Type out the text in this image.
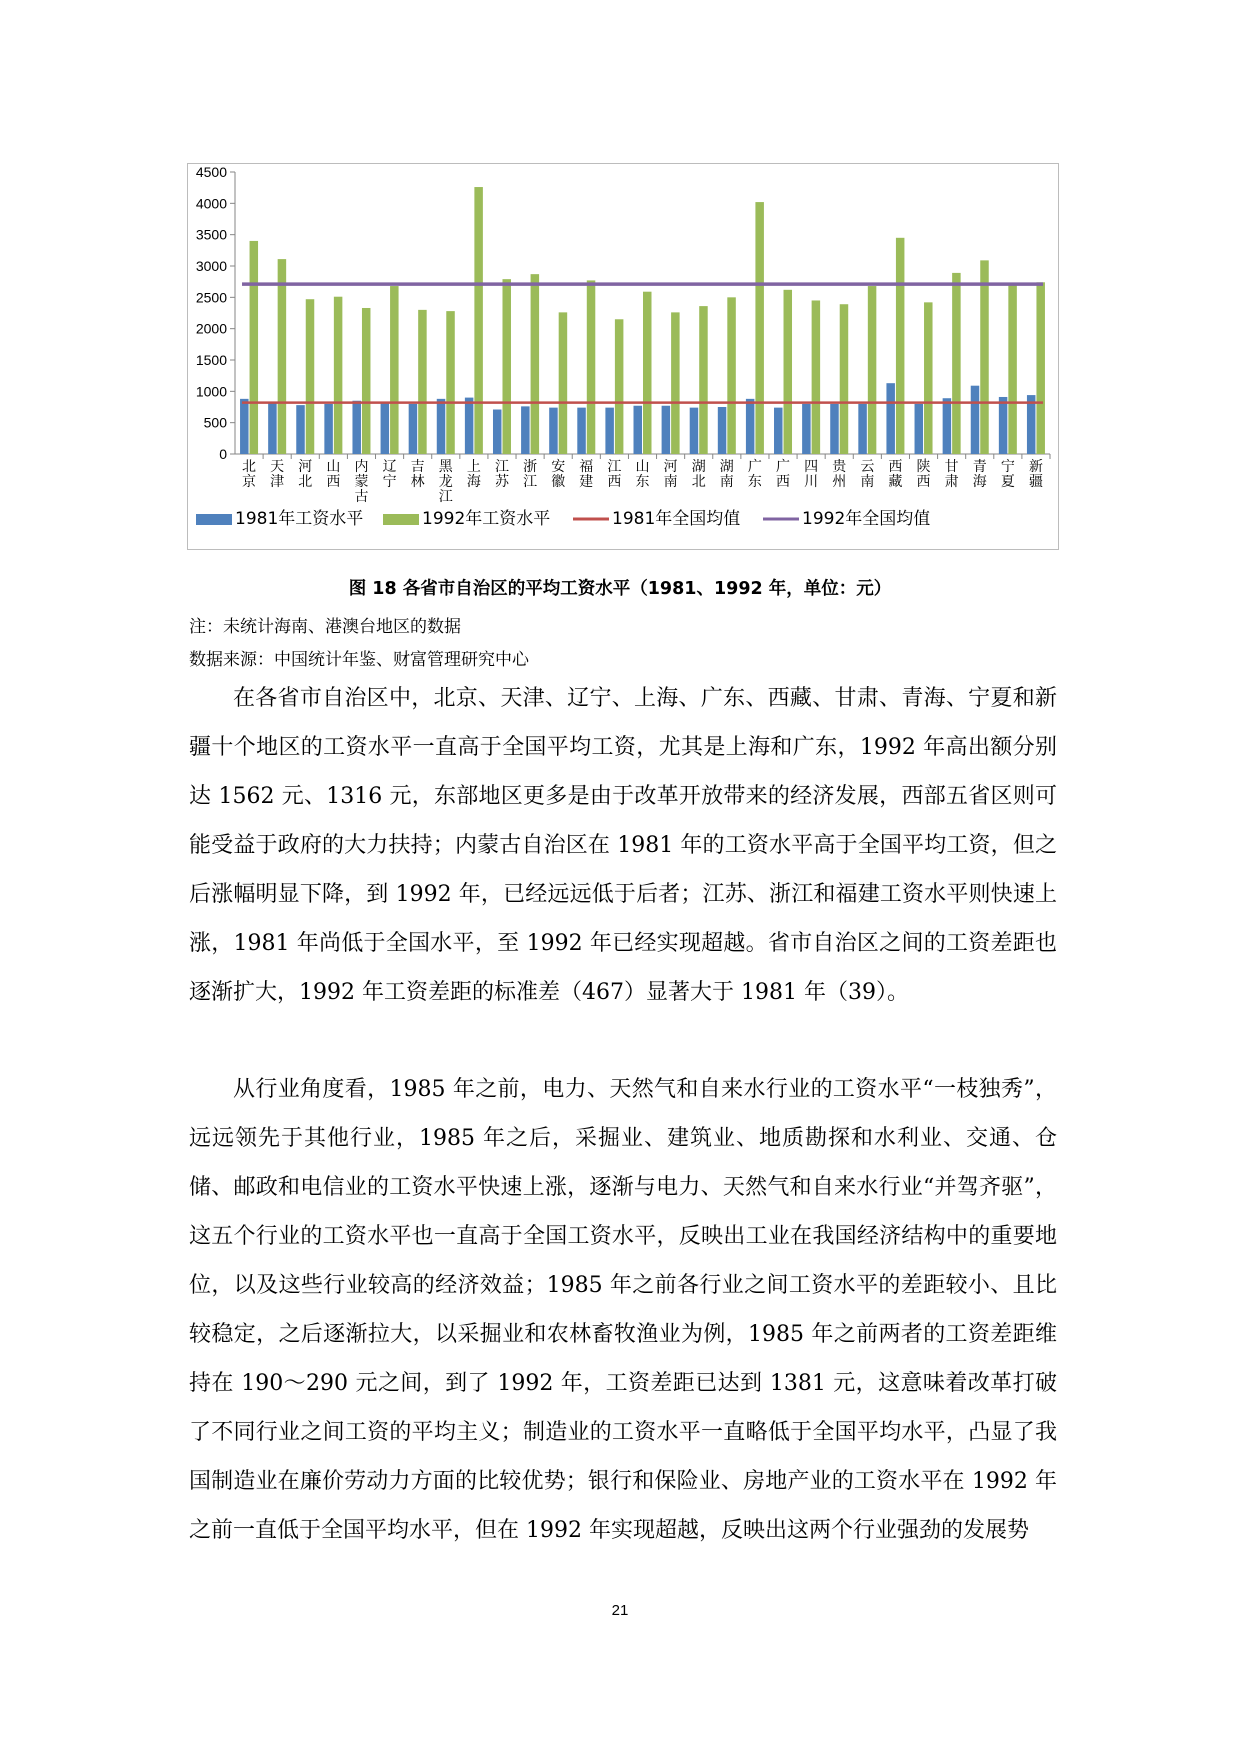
0
500
1000
1500
2000
2500
3000
3500
4000
4500
北京
天津
河北
山西
内蒙古
辽宁
吉林
黑龙江
上海
江苏
浙江
安徽
福建
江西
山东
河南
湖北
湖南
广东
广西
四川
贵州
云南
西藏
陕西
甘肃
青海
宁夏
新疆
1981年工资水平	1992年工资水平	1981年全国均值	1992年全国均值
图 18 各省市自治区的平均工资水平（1981、1992 年，单位：元）
注：未统计海南、港澳台地区的数据
数据来源：中国统计年鉴、财富管理研究中心

在各省市自治区中，北京、天津、辽宁、上海、广东、西藏、甘肃、青海、宁夏和新疆十个地区的工资水平一直高于全国平均工资，尤其是上海和广东，1992 年高出额分别达 1562 元、1316 元，东部地区更多是由于改革开放带来的经济发展，西部五省区则可能受益于政府的大力扶持；内蒙古自治区在 1981 年的工资水平高于全国平均工资，但之后涨幅明显下降，到 1992 年，已经远远低于后者；江苏、浙江和福建工资水平则快速上涨，1981 年尚低于全国水平，至 1992 年已经实现超越。省市自治区之间的工资差距也逐渐扩大，1992 年工资差距的标准差（467）显著大于 1981 年（39）。

从行业角度看，1985 年之前，电力、天然气和自来水行业的工资水平“一枝独秀”，远远领先于其他行业，1985 年之后，采掘业、建筑业、地质勘探和水利业、交通、仓储、邮政和电信业的工资水平快速上涨，逐渐与电力、天然气和自来水行业“并驾齐驱”，这五个行业的工资水平也一直高于全国工资水平，反映出工业在我国经济结构中的重要地位，以及这些行业较高的经济效益；1985 年之前各行业之间工资水平的差距较小、且比较稳定，之后逐渐拉大，以采掘业和农林畜牧渔业为例，1985 年之前两者的工资差距维持在 190～290 元之间，到了 1992 年，工资差距已达到 1381 元，这意味着改革打破了不同行业之间工资的平均主义；制造业的工资水平一直略低于全国平均水平，凸显了我国制造业在廉价劳动力方面的比较优势；银行和保险业、房地产业的工资水平在 1992 年之前一直低于全国平均水平，但在 1992 年实现超越，反映出这两个行业强劲的发展势

21
